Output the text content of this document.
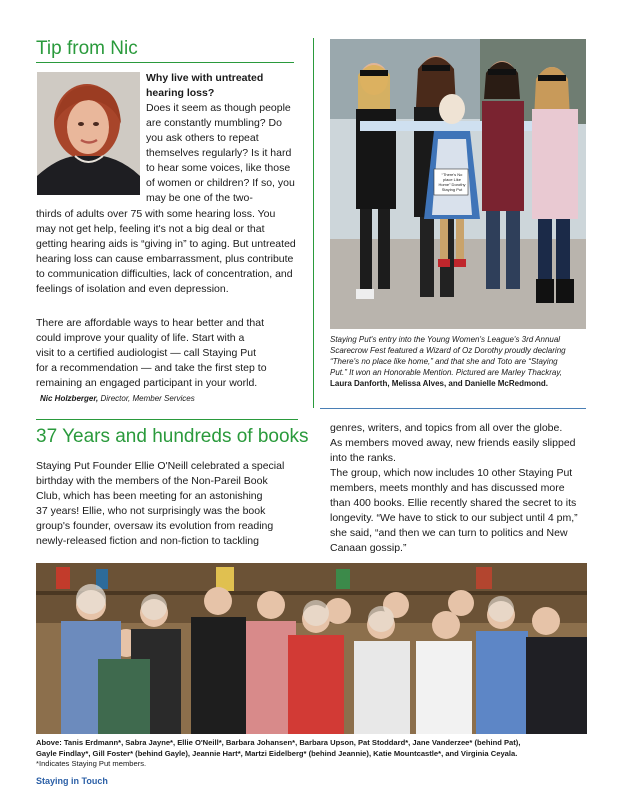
Tip from Nic
Why live with untreated hearing loss?
Does it seem as though people are constantly mumbling? Do you ask others to repeat themselves regularly? Is it hard to hear some voices, like those of women or children? If so, you may be one of the two-
thirds of adults over 75 with some hearing loss. You may not get help, feeling it's not a big deal or that getting hearing aids is “giving in” to aging. But untreated hearing loss can cause embarrassment, plus contribute to communication difficulties, lack of concentration, and feelings of isolation and even depression.

There are affordable ways to hear better and that

could improve your quality of life. Start with a

visit to a certified audiologist — call Staying Put

for a recommendation — and take the first step to

remaining an engaged participant in your world.

Nic Holzberger, Director, Member Services
“There's No place Like Home” Dorothy Staying Put
Staying Put's entry into the Young Women's League's 3rd Annual
Scarecrow Fest featured a Wizard of Oz Dorothy proudly declaring
“There's no place like home,” and that she and Toto are “Staying
Put.” It won an Honorable Mention. Pictured are Marley Thackray,
Laura Danforth, Melissa Alves, and Danielle McRedmond.
37 Years and hundreds of books

Staying Put Founder Ellie O'Neill celebrated a special

birthday with the members of the Non-Pareil Book

Club, which has been meeting for an astonishing

37 years! Ellie, who not surprisingly was the book

group's founder, oversaw its evolution from reading

newly-released fiction and non-fiction to tackling

genres, writers, and topics from all over the globe.

As members moved away, new friends easily slipped

into the ranks.

The group, which now includes 10 other Staying Put

members, meets monthly and has discussed more

than 400 books. Ellie recently shared the secret to its

longevity. “We have to stick to our subject until 4 pm,”

she said, “and then we can turn to politics and New

Canaan gossip.”

Above: Tanis Erdmann*, Sabra Jayne*, Ellie O'Neill*, Barbara Johansen*, Barbara Upson, Pat Stoddard*, Jane Vanderzee* (behind Pat),
Gayle Findlay*, Gill Foster* (behind Gayle), Jeannie Hart*, Martzi Eidelberg* (behind Jeannie), Katie Mountcastle*, and Virginia Ceyala.
*Indicates Staying Put members.
Staying in Touch
